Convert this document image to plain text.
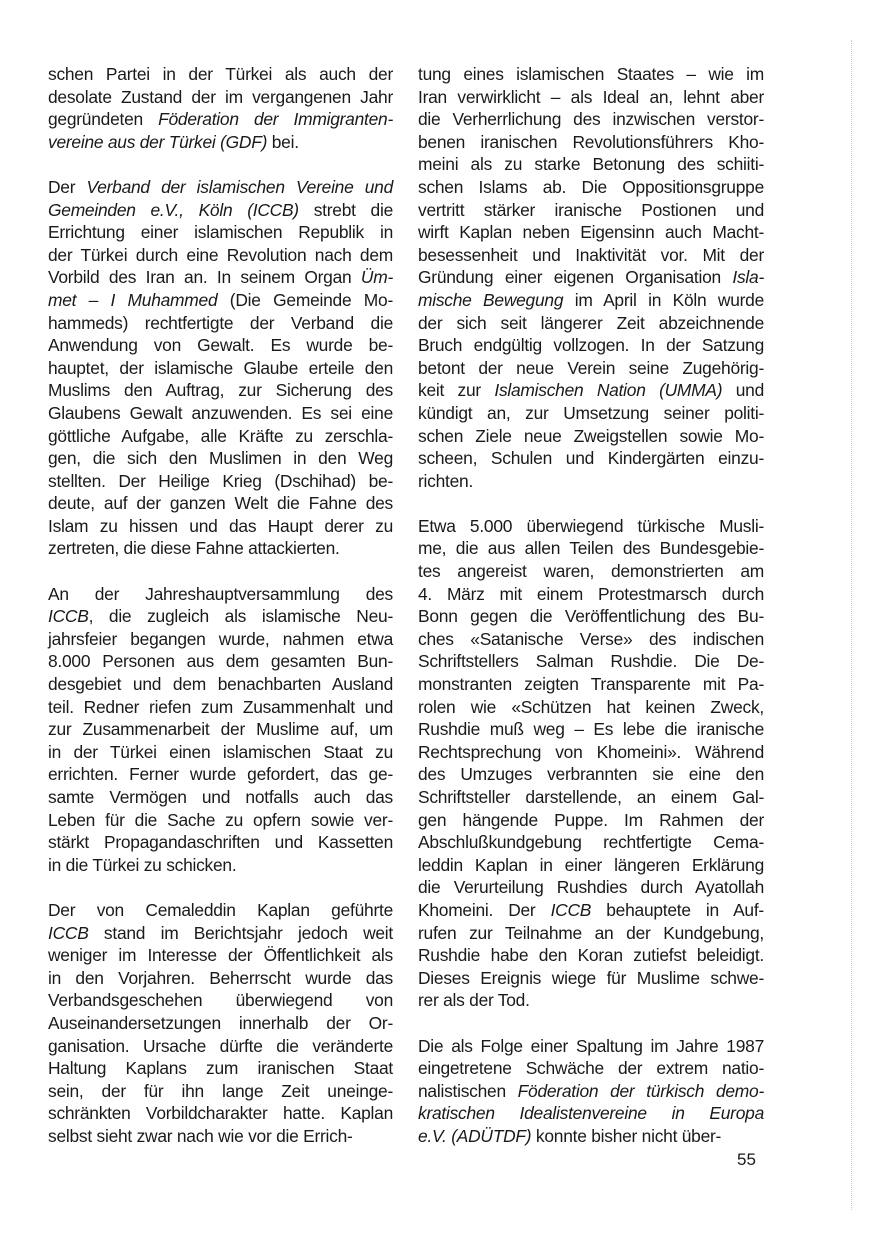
schen Partei in der Türkei als auch der
desolate Zustand der im vergangenen Jahr
gegründeten Föderation der Immigranten-
vereine aus der Türkei (GDF) bei.
Der Verband der islamischen Vereine und
Gemeinden e.V., Köln (ICCB) strebt die
Errichtung einer islamischen Republik in
der Türkei durch eine Revolution nach dem
Vorbild des Iran an. In seinem Organ Üm-
met – I Muhammed (Die Gemeinde Mo-
hammeds) rechtfertigte der Verband die
Anwendung von Gewalt. Es wurde be-
hauptet, der islamische Glaube erteile den
Muslims den Auftrag, zur Sicherung des
Glaubens Gewalt anzuwenden. Es sei eine
göttliche Aufgabe, alle Kräfte zu zerschla-
gen, die sich den Muslimen in den Weg
stellten. Der Heilige Krieg (Dschihad) be-
deute, auf der ganzen Welt die Fahne des
Islam zu hissen und das Haupt derer zu
zertreten, die diese Fahne attackierten.
An der Jahreshauptversammlung des
ICCB, die zugleich als islamische Neu-
jahrsfeier begangen wurde, nahmen etwa
8.000 Personen aus dem gesamten Bun-
desgebiet und dem benachbarten Ausland
teil. Redner riefen zum Zusammenhalt und
zur Zusammenarbeit der Muslime auf, um
in der Türkei einen islamischen Staat zu
errichten. Ferner wurde gefordert, das ge-
samte Vermögen und notfalls auch das
Leben für die Sache zu opfern sowie ver-
stärkt Propagandaschriften und Kassetten
in die Türkei zu schicken.
Der von Cemaleddin Kaplan geführte
ICCB stand im Berichtsjahr jedoch weit
weniger im Interesse der Öffentlichkeit als
in den Vorjahren. Beherrscht wurde das
Verbandsgeschehen überwiegend von
Auseinandersetzungen innerhalb der Or-
ganisation. Ursache dürfte die veränderte
Haltung Kaplans zum iranischen Staat
sein, der für ihn lange Zeit uneinge-
schränkten Vorbildcharakter hatte. Kaplan
selbst sieht zwar nach wie vor die Errich-
tung eines islamischen Staates – wie im
Iran verwirklicht – als Ideal an, lehnt aber
die Verherrlichung des inzwischen verstor-
benen iranischen Revolutionsführers Kho-
meini als zu starke Betonung des schiiti-
schen Islams ab. Die Oppositionsgruppe
vertritt stärker iranische Postionen und
wirft Kaplan neben Eigensinn auch Macht-
besessenheit und Inaktivität vor. Mit der
Gründung einer eigenen Organisation Isla-
mische Bewegung im April in Köln wurde
der sich seit längerer Zeit abzeichnende
Bruch endgültig vollzogen. In der Satzung
betont der neue Verein seine Zugehörig-
keit zur Islamischen Nation (UMMA) und
kündigt an, zur Umsetzung seiner politi-
schen Ziele neue Zweigstellen sowie Mo-
scheen, Schulen und Kindergärten einzu-
richten.
Etwa 5.000 überwiegend türkische Musli-
me, die aus allen Teilen des Bundesgebie-
tes angereist waren, demonstrierten am
4. März mit einem Protestmarsch durch
Bonn gegen die Veröffentlichung des Bu-
ches «Satanische Verse» des indischen
Schriftstellers Salman Rushdie. Die De-
monstranten zeigten Transparente mit Pa-
rolen wie «Schützen hat keinen Zweck,
Rushdie muß weg – Es lebe die iranische
Rechtsprechung von Khomeini». Während
des Umzuges verbrannten sie eine den
Schriftsteller darstellende, an einem Gal-
gen hängende Puppe. Im Rahmen der
Abschlußkundgebung rechtfertigte Cema-
leddin Kaplan in einer längeren Erklärung
die Verurteilung Rushdies durch Ayatollah
Khomeini. Der ICCB behauptete in Auf-
rufen zur Teilnahme an der Kundgebung,
Rushdie habe den Koran zutiefst beleidigt.
Dieses Ereignis wiege für Muslime schwe-
rer als der Tod.
Die als Folge einer Spaltung im Jahre 1987
eingetretene Schwäche der extrem natio-
nalistischen Föderation der türkisch demo-
kratischen Idealistenvereine in Europa
e.V. (ADÜTDF) konnte bisher nicht über-
55
